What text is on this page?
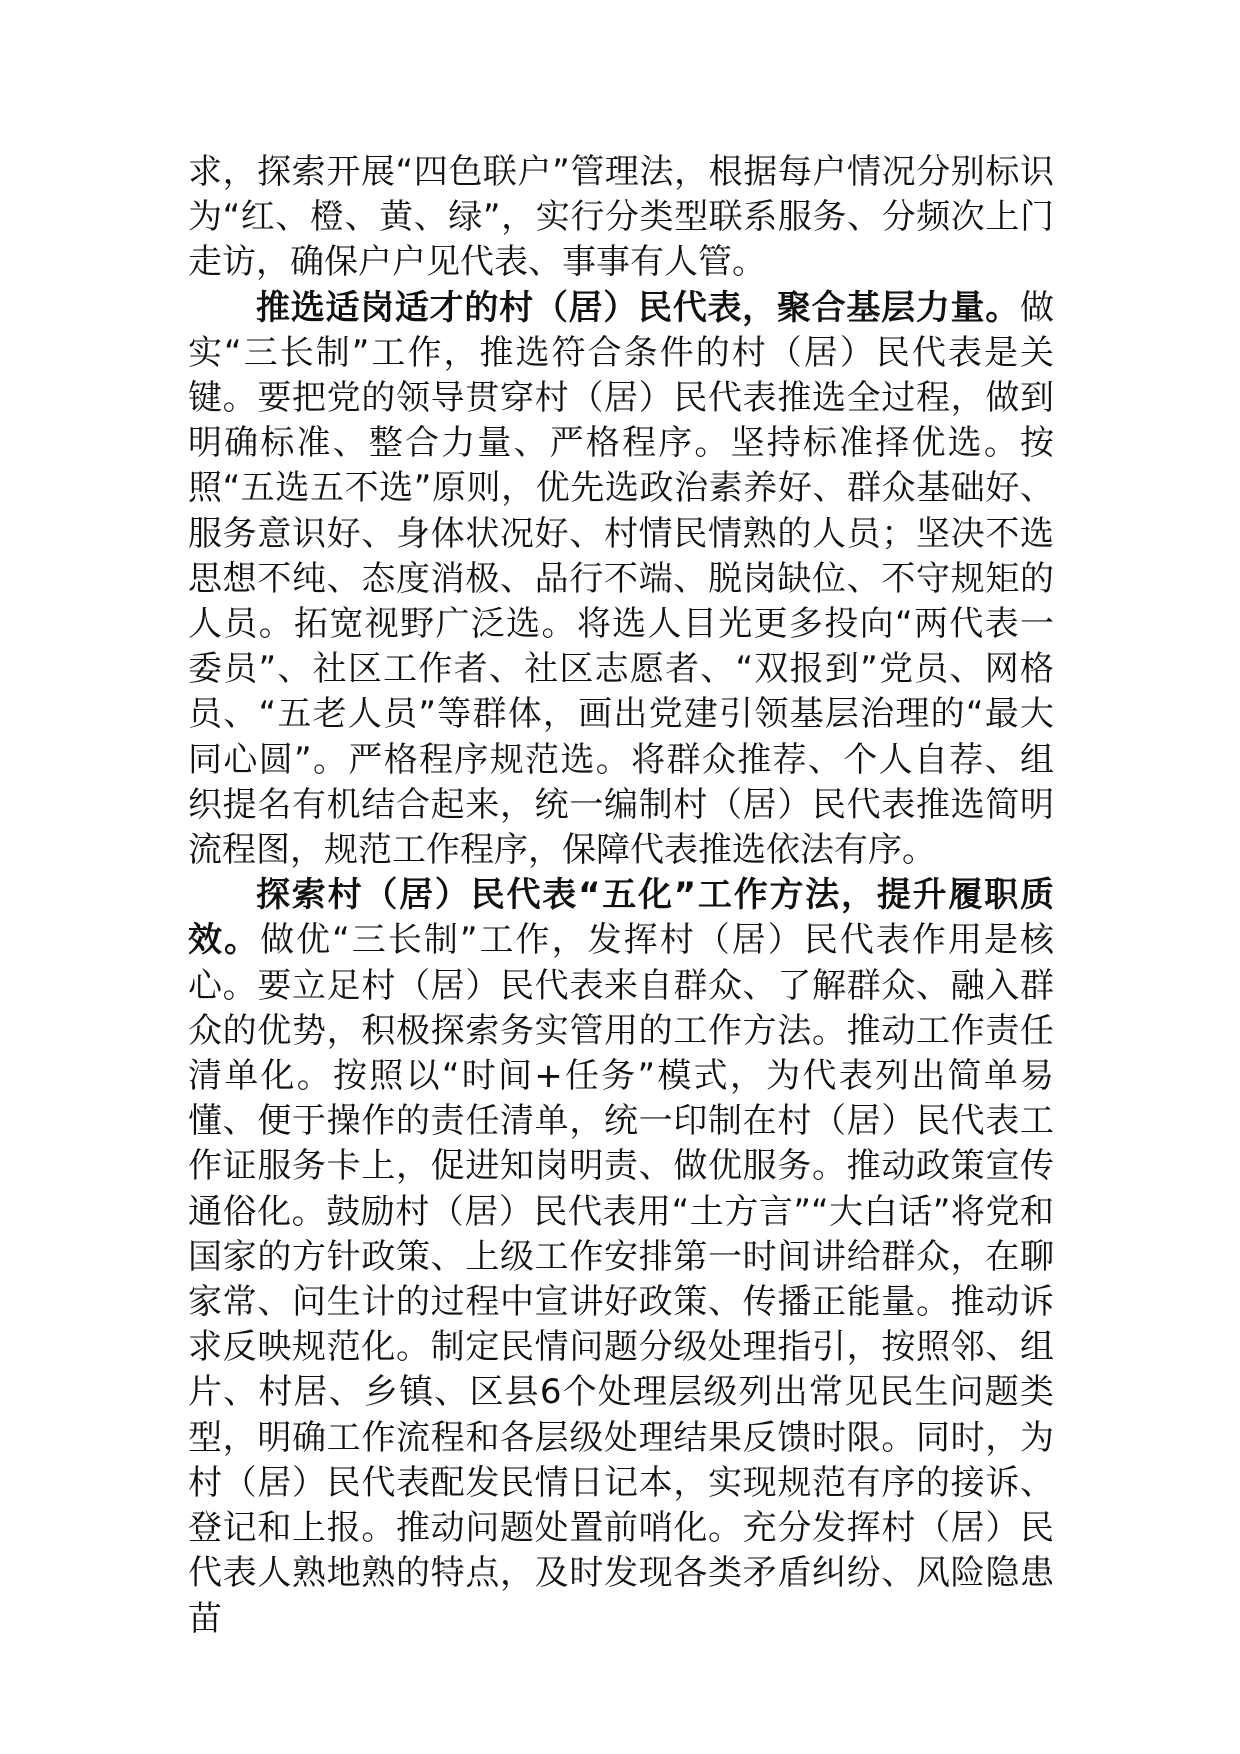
求，探索开展“四色联户”管理法，根据每户情况分别标识为“红、橙、黄、绿”，实行分类型联系服务、分频次上门走访，确保户户见代表、事事有人管。

推选适岗适才的村（居）民代表，聚合基层力量。做实“三长制”工作，推选符合条件的村（居）民代表是关键。要把党的领导贯穿村（居）民代表推选全过程，做到明确标准、整合力量、严格程序。坚持标准择优选。按照“五选五不选”原则，优先选政治素养好、群众基础好、服务意识好、身体状况好、村情民情熟的人员；坚决不选思想不纯、态度消极、品行不端、脱岗缺位、不守规矩的人员。拓宽视野广泛选。将选人目光更多投向“两代表一委员”、社区工作者、社区志愿者、“双报到”党员、网格员、“五老人员”等群体，画出党建引领基层治理的“最大同心圆”。严格程序规范选。将群众推荐、个人自荐、组织提名有机结合起来，统一编制村（居）民代表推选简明流程图，规范工作程序，保障代表推选依法有序。

探索村（居）民代表“五化”工作方法，提升履职质效。做优“三长制”工作，发挥村（居）民代表作用是核心。要立足村（居）民代表来自群众、了解群众、融入群众的优势，积极探索务实管用的工作方法。推动工作责任清单化。按照以“时间+任务”模式，为代表列出简单易懂、便于操作的责任清单，统一印制在村（居）民代表工作证服务卡上，促进知岗明责、做优服务。推动政策宣传通俗化。鼓励村（居）民代表用“土方言”“大白话”将党和国家的方针政策、上级工作安排第一时间讲给群众，在聊家常、问生计的过程中宣讲好政策、传播正能量。推动诉求反映规范化。制定民情问题分级处理指引，按照邻、组片、村居、乡镇、区县6个处理层级列出常见民生问题类型，明确工作流程和各层级处理结果反馈时限。同时，为村（居）民代表配发民情日记本，实现规范有序的接诉、登记和上报。推动问题处置前哨化。充分发挥村（居）民代表人熟地熟的特点，及时发现各类矛盾纠纷、风险隐患苗
